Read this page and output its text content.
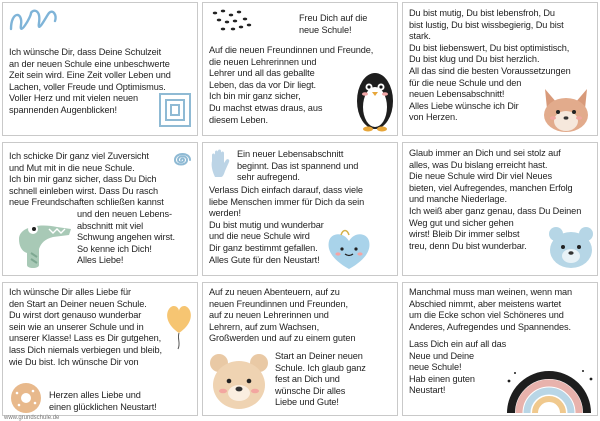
Ich wünsche Dir, dass Deine Schulzeit
an der neuen Schule eine unbeschwerte
Zeit sein wird. Eine Zeit voller Leben und
Lachen, voller Freude und Optimismus.
Voller Herz und mit vielen neuen
spannenden Augenblicken!
Freu Dich auf die
neue Schule!
Auf die neuen Freundinnen und Freunde,
die neuen Lehrerinnen und
Lehrer und all das geballte
Leben, das da vor Dir liegt.
Ich bin mir ganz sicher,
Du machst etwas draus, aus
diesem Leben.
Du bist mutig, Du bist lebensfroh, Du
bist lustig, Du bist wissbegierig, Du bist
stark.
Du bist liebenswert, Du bist optimistisch,
Du bist klug und Du bist herzlich.
All das sind die besten Voraussetzungen
für die neue Schule und den
neuen Lebensabschnitt!
Alles Liebe wünsche ich Dir
von Herzen.
Ich schicke Dir ganz viel Zuversicht
und Mut mit in die neue Schule.
Ich bin mir ganz sicher, dass Du Dich
schnell einleben wirst. Dass Du rasch
neue Freundschaften schließen kannst
und den neuen Lebens-
abschnitt mit viel
Schwung angehen wirst.
So kenne ich Dich!
Alles Liebe!
Ein neuer Lebensabschnitt
beginnt. Das ist spannend und
sehr aufregend.
Verlass Dich einfach darauf, dass viele
liebe Menschen immer für Dich da sein
werden!
Du bist mutig und wunderbar
und die neue Schule wird
Dir ganz bestimmt gefallen.
Alles Gute für den Neustart!
Glaub immer an Dich und sei stolz auf
alles, was Du bislang erreicht hast.
Die neue Schule wird Dir viel Neues
bieten, viel Aufregendes, manchen Erfolg
und manche Niederlage.
Ich weiß aber ganz genau, dass Du Deinen
Weg gut und sicher gehen
wirst! Bleib Dir immer selbst
treu, denn Du bist wunderbar.
Ich wünsche Dir alles Liebe für
den Start an Deiner neuen Schule.
Du wirst dort genauso wunderbar
sein wie an unserer Schule und in
unserer Klasse! Lass es Dir gutgehen,
lass Dich niemals verbiegen und bleib,
wie Du bist. Ich wünsche Dir von
Herzen alles Liebe und
einen glücklichen Neustart!
Auf zu neuen Abenteuern, auf zu
neuen Freundinnen und Freunden,
auf zu neuen Lehrerinnen und
Lehrern, auf zum Wachsen,
Großwerden und auf zu einem guten
Start an Deiner neuen
Schule. Ich glaub ganz
fest an Dich und
wünsche Dir alles
Liebe und Gute!
Manchmal muss man weinen, wenn man
Abschied nimmt, aber meistens wartet
um die Ecke schon viel Schöneres und
Anderes, Aufregendes und Spannendes.
Lass Dich ein auf all das
Neue und Deine
neue Schule!
Hab einen guten
Neustart!
www.grundschule.de
